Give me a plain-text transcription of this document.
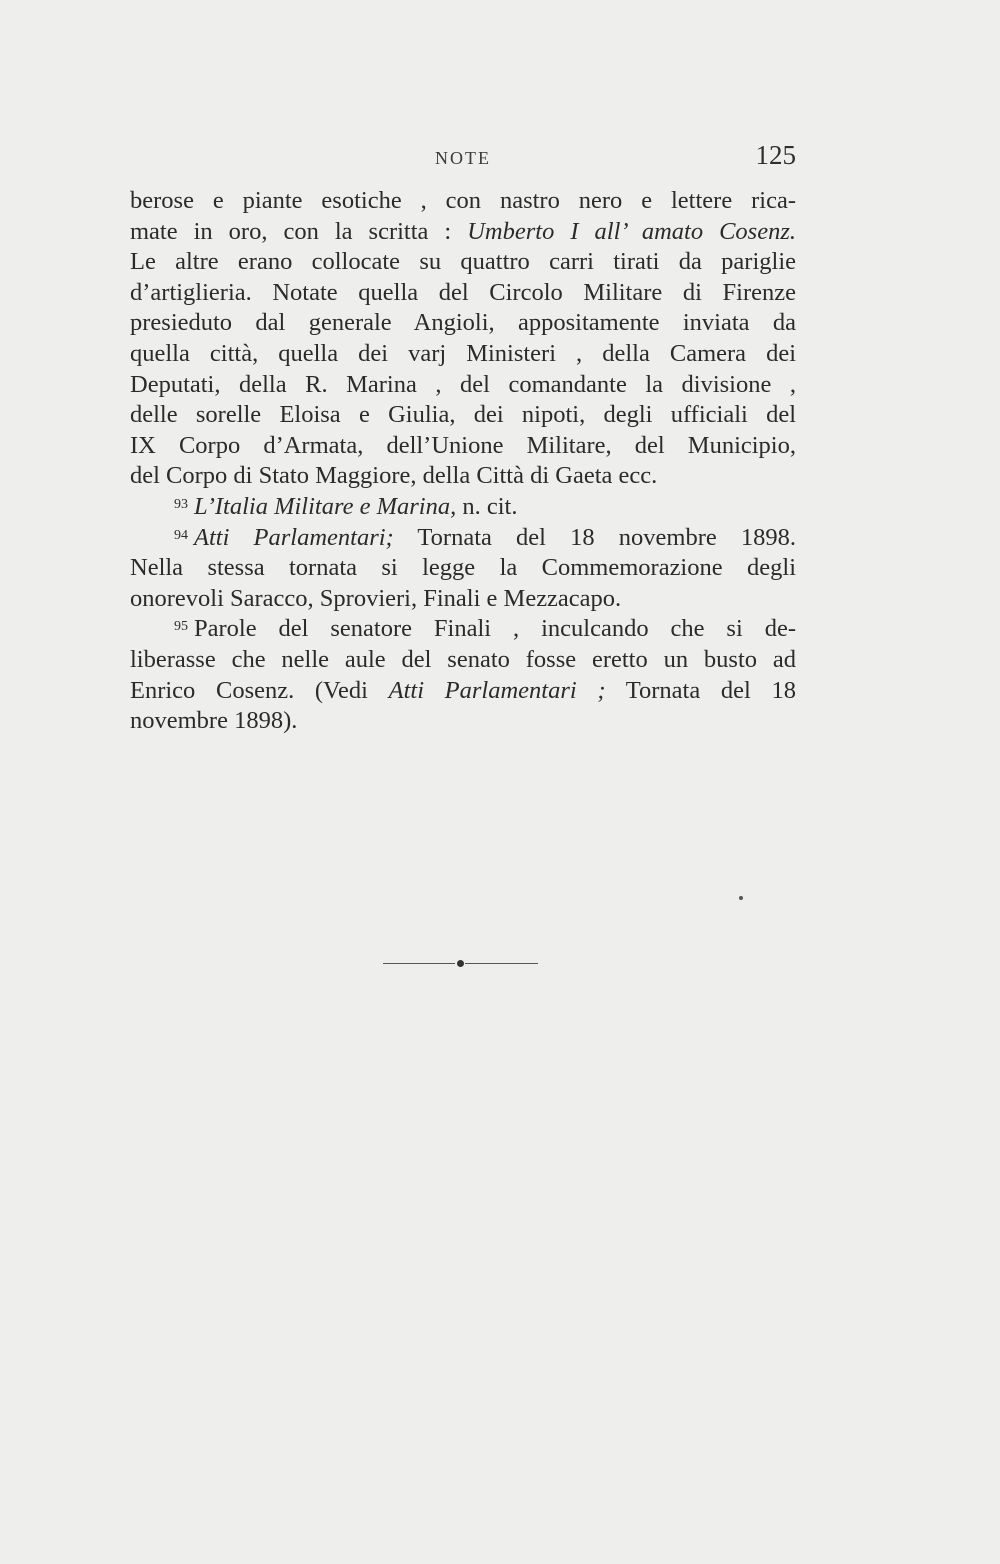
NOTE	125
berose e piante esotiche , con nastro nero e lettere rica-
mate in oro, con la scritta : Umberto I all’ amato Cosenz.
Le altre erano collocate su quattro carri tirati da pariglie
d’artiglieria. Notate quella del Circolo Militare di Firenze
presieduto dal generale Angioli, appositamente inviata da
quella città, quella dei varj Ministeri , della Camera dei
Deputati, della R. Marina , del comandante la divisione ,
delle sorelle Eloisa e Giulia, dei nipoti, degli ufficiali del
IX Corpo d’Armata, dell’Unione Militare, del Municipio,
del Corpo di Stato Maggiore, della Città di Gaeta ecc.
$^{93}$ L’Italia Militare e Marina, n. cit.
$^{94}$ Atti Parlamentari; Tornata del 18 novembre 1898.
Nella stessa tornata si legge la Commemorazione degli
onorevoli Saracco, Sprovieri, Finali e Mezzacapo.
$^{95}$ Parole del senatore Finali , inculcando che si de-
liberasse che nelle aule del senato fosse eretto un busto ad
Enrico Cosenz. (Vedi Atti Parlamentari ; Tornata del 18
novembre 1898).
